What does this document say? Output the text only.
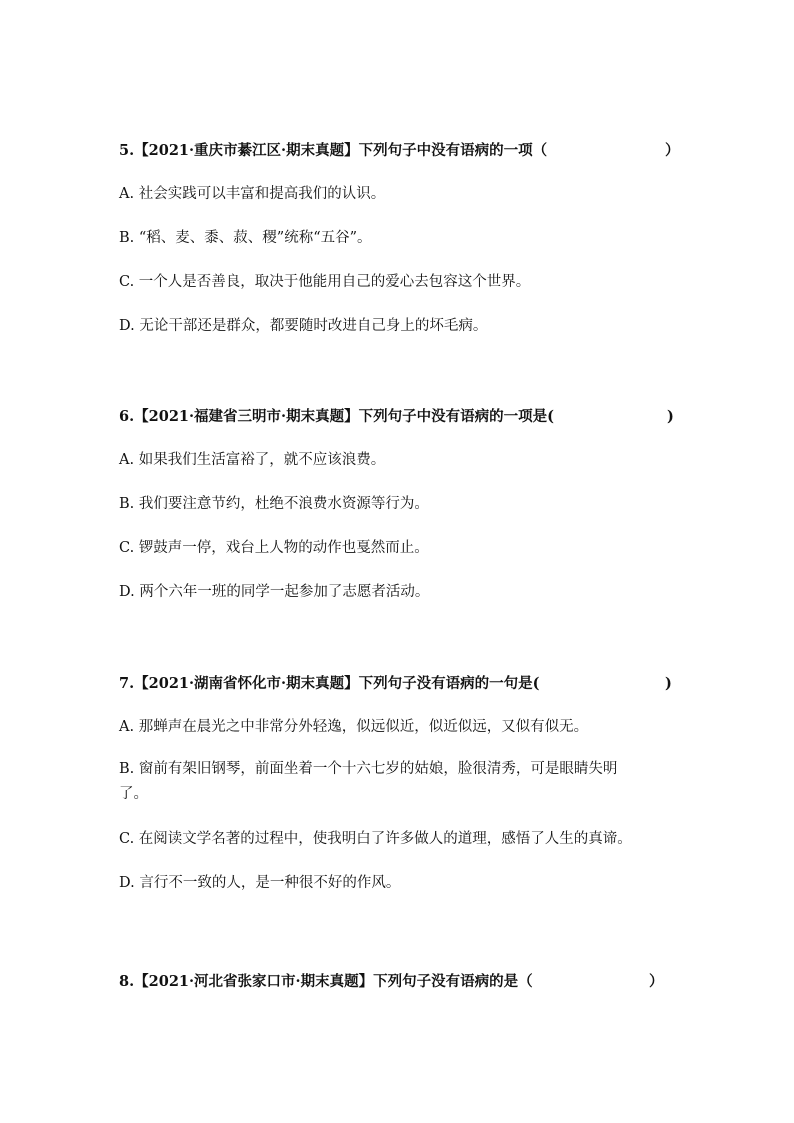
5.【2021·重庆市綦江区·期末真题】下列句子中没有语病的一项（	）
A. 社会实践可以丰富和提高我们的认识。
B. “稻、麦、黍、菽、稷”统称“五谷”。
C. 一个人是否善良，取决于他能用自己的爱心去包容这个世界。
D. 无论干部还是群众，都要随时改进自己身上的坏毛病。
6.【2021·福建省三明市·期末真题】下列句子中没有语病的一项是(	)
A. 如果我们生活富裕了，就不应该浪费。
B. 我们要注意节约，杜绝不浪费水资源等行为。
C. 锣鼓声一停，戏台上人物的动作也戛然而止。
D. 两个六年一班的同学一起参加了志愿者活动。
7.【2021·湖南省怀化市·期末真题】下列句子没有语病的一句是(	)
A. 那蝉声在晨光之中非常分外轻逸，似远似近，似近似远，又似有似无。
B. 窗前有架旧钢琴，前面坐着一个十六七岁的姑娘，脸很清秀，可是眼睛失明
了。
C. 在阅读文学名著的过程中，使我明白了许多做人的道理，感悟了人生的真谛。
D. 言行不一致的人，是一种很不好的作风。
8.【2021·河北省张家口市·期末真题】下列句子没有语病的是（	）
